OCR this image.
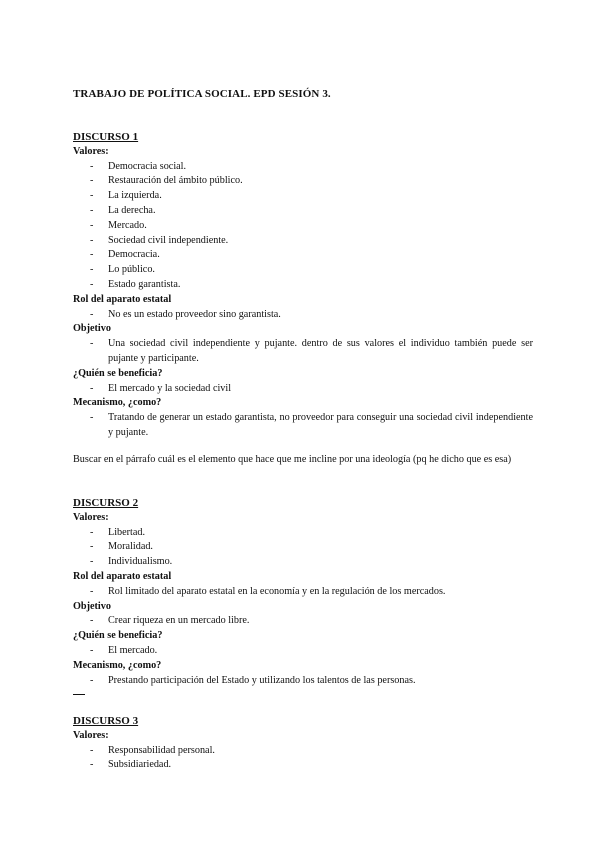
TRABAJO DE POLÍTICA SOCIAL. EPD SESIÓN 3.
DISCURSO 1
Valores:
- Democracia social.
- Restauración del ámbito público.
- La izquierda.
- La derecha.
- Mercado.
- Sociedad civil independiente.
- Democracia.
- Lo público.
- Estado garantista.
Rol del aparato estatal
- No es un estado proveedor sino garantista.
Objetivo
- Una sociedad civil independiente y pujante. dentro de sus valores el individuo también puede ser pujante y participante.
¿Quién se beneficia?
- El mercado y la sociedad civil
Mecanismo, ¿como?
- Tratando de generar un estado garantista, no proveedor para conseguir una sociedad civil independiente y pujante.
Buscar en el párrafo cuál es el elemento que hace que me incline por una ideología (pq he dicho que es esa)
DISCURSO 2
Valores:
- Libertad.
- Moralidad.
- Individualismo.
Rol del aparato estatal
- Rol limitado del aparato estatal en la economía y en la regulación de los mercados.
Objetivo
- Crear riqueza en un mercado libre.
¿Quién se beneficia?
- El mercado.
Mecanismo, ¿como?
- Prestando participación del Estado y utilizando los talentos de las personas.
DISCURSO 3
Valores:
- Responsabilidad personal.
- Subsidiariedad.
